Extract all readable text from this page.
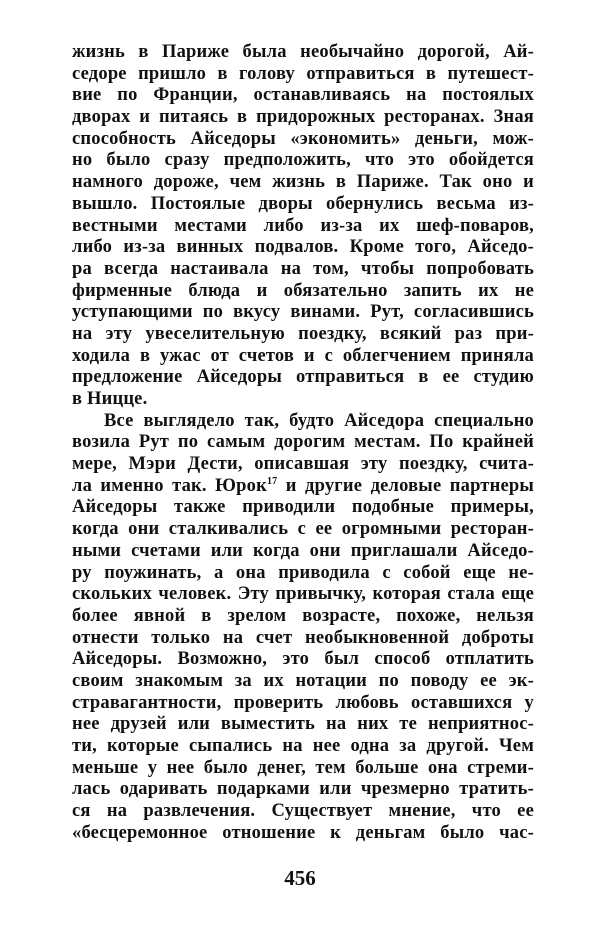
жизнь в Париже была необычайно дорогой, Ай-
седоре пришло в голову отправиться в путешест-
вие по Франции, останавливаясь на постоялых
дворах и питаясь в придорожных ресторанах. Зная
способность Айседоры «экономить» деньги, мож-
но было сразу предположить, что это обойдется
намного дороже, чем жизнь в Париже. Так оно и
вышло. Постоялые дворы обернулись весьма из-
вестными местами либо из-за их шеф-поваров,
либо из-за винных подвалов. Кроме того, Айседо-
ра всегда настаивала на том, чтобы попробовать
фирменные блюда и обязательно запить их не
уступающими по вкусу винами. Рут, согласившись
на эту увеселительную поездку, всякий раз при-
ходила в ужас от счетов и с облегчением приняла
предложение Айседоры отправиться в ее студию
в Ницце.
Все выглядело так, будто Айседора специально
возила Рут по самым дорогим местам. По крайней
мере, Мэри Дести, описавшая эту поездку, счита-
ла именно так. Юрок$^{17}$ и другие деловые партнеры
Айседоры также приводили подобные примеры,
когда они сталкивались с ее огромными ресторан-
ными счетами или когда они приглашали Айседо-
ру поужинать, а она приводила с собой еще не-
скольких человек. Эту привычку, которая стала еще
более явной в зрелом возрасте, похоже, нельзя
отнести только на счет необыкновенной доброты
Айседоры. Возможно, это был способ отплатить
своим знакомым за их нотации по поводу ее эк-
стравагантности, проверить любовь оставшихся у
нее друзей или выместить на них те неприятнос-
ти, которые сыпались на нее одна за другой. Чем
меньше у нее было денег, тем больше она стреми-
лась одаривать подарками или чрезмерно тратить-
ся на развлечения. Существует мнение, что ее
«бесцеремонное отношение к деньгам было час-
456
